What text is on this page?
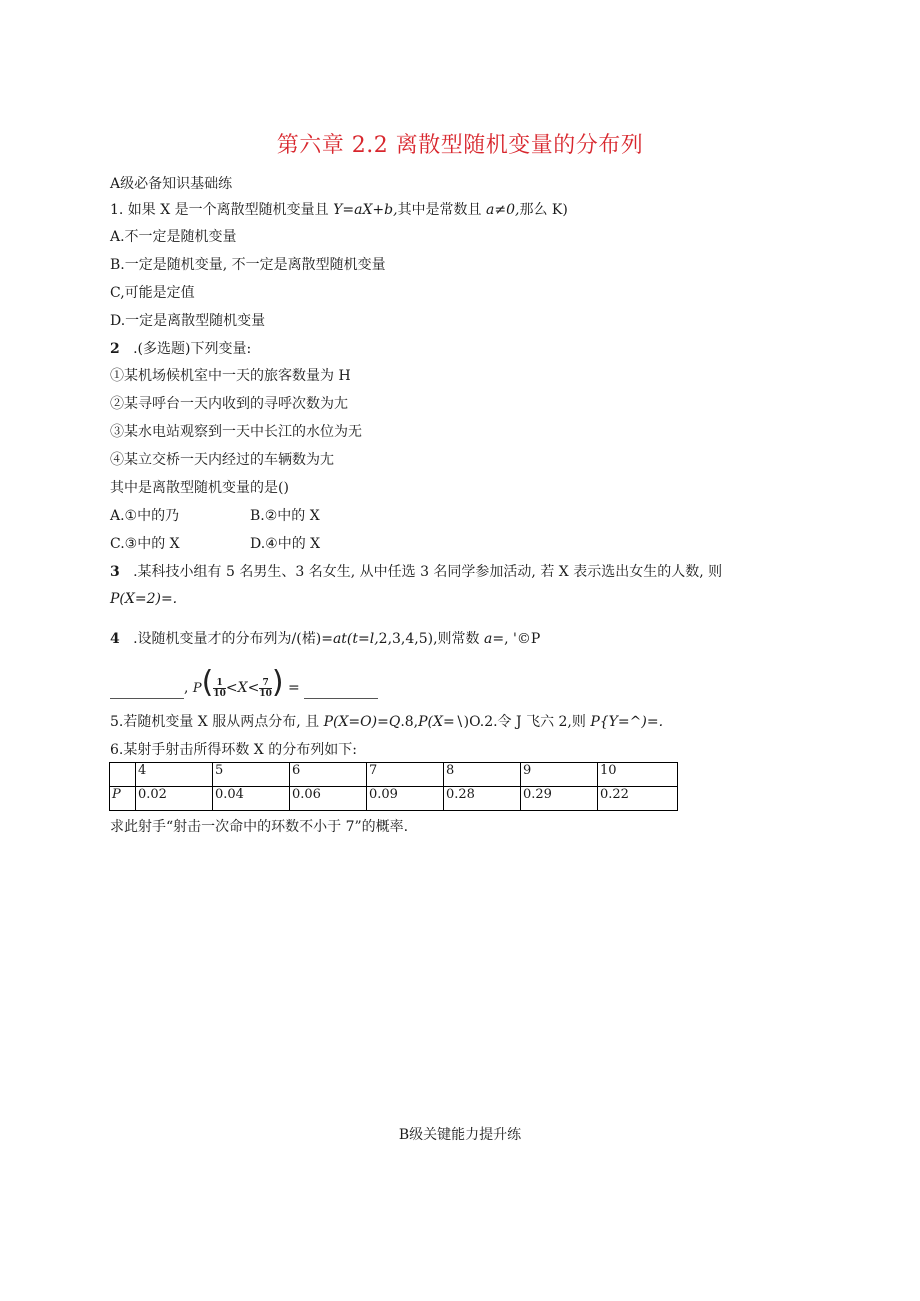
第六章 2.2 离散型随机变量的分布列
A级必备知识基础练
1. 如果 X 是一个离散型随机变量且 Y=aX+b,其中是常数且 a≠0,那么 K)
A.不一定是随机变量
B.一定是随机变量, 不一定是离散型随机变量
C,可能是定值
D.一定是离散型随机变量
2 .(多选题)下列变量:
①某机场候机室中一天的旅客数量为 H
②某寻呼台一天内收到的寻呼次数为尢
③某水电站观察到一天中长江的水位为无
④某立交桥一天内经过的车辆数为尢
其中是离散型随机变量的是()
A.①中的乃	B.②中的 X
C.③中的 X	D.④中的 X
3 .某科技小组有 5 名男生、3 名女生, 从中任选 3 名同学参加活动, 若 X 表示选出女生的人数, 则
P(X=2)=.
4 .设随机变量才的分布列为/(楉)=at(t=l,2,3,4,5),则常数 a=, '©P
, $P( \frac{1}{10} <X< \frac{7}{10}$ ) =
5.若随机变量 X 服从两点分布, 且 P(X=O)=Q.8,P(X=∖)O.2.令 J 飞六 2,则 P{Y=^)=.
6.某射手射击所得环数 X 的分布列如下:
	4	5	6	7	8	9	10
P	0.02	0.04	0.06	0.09	0.28	0.29	0.22
求此射手“射击一次命中的环数不小于 7”的概率.
B级关键能力提升练
